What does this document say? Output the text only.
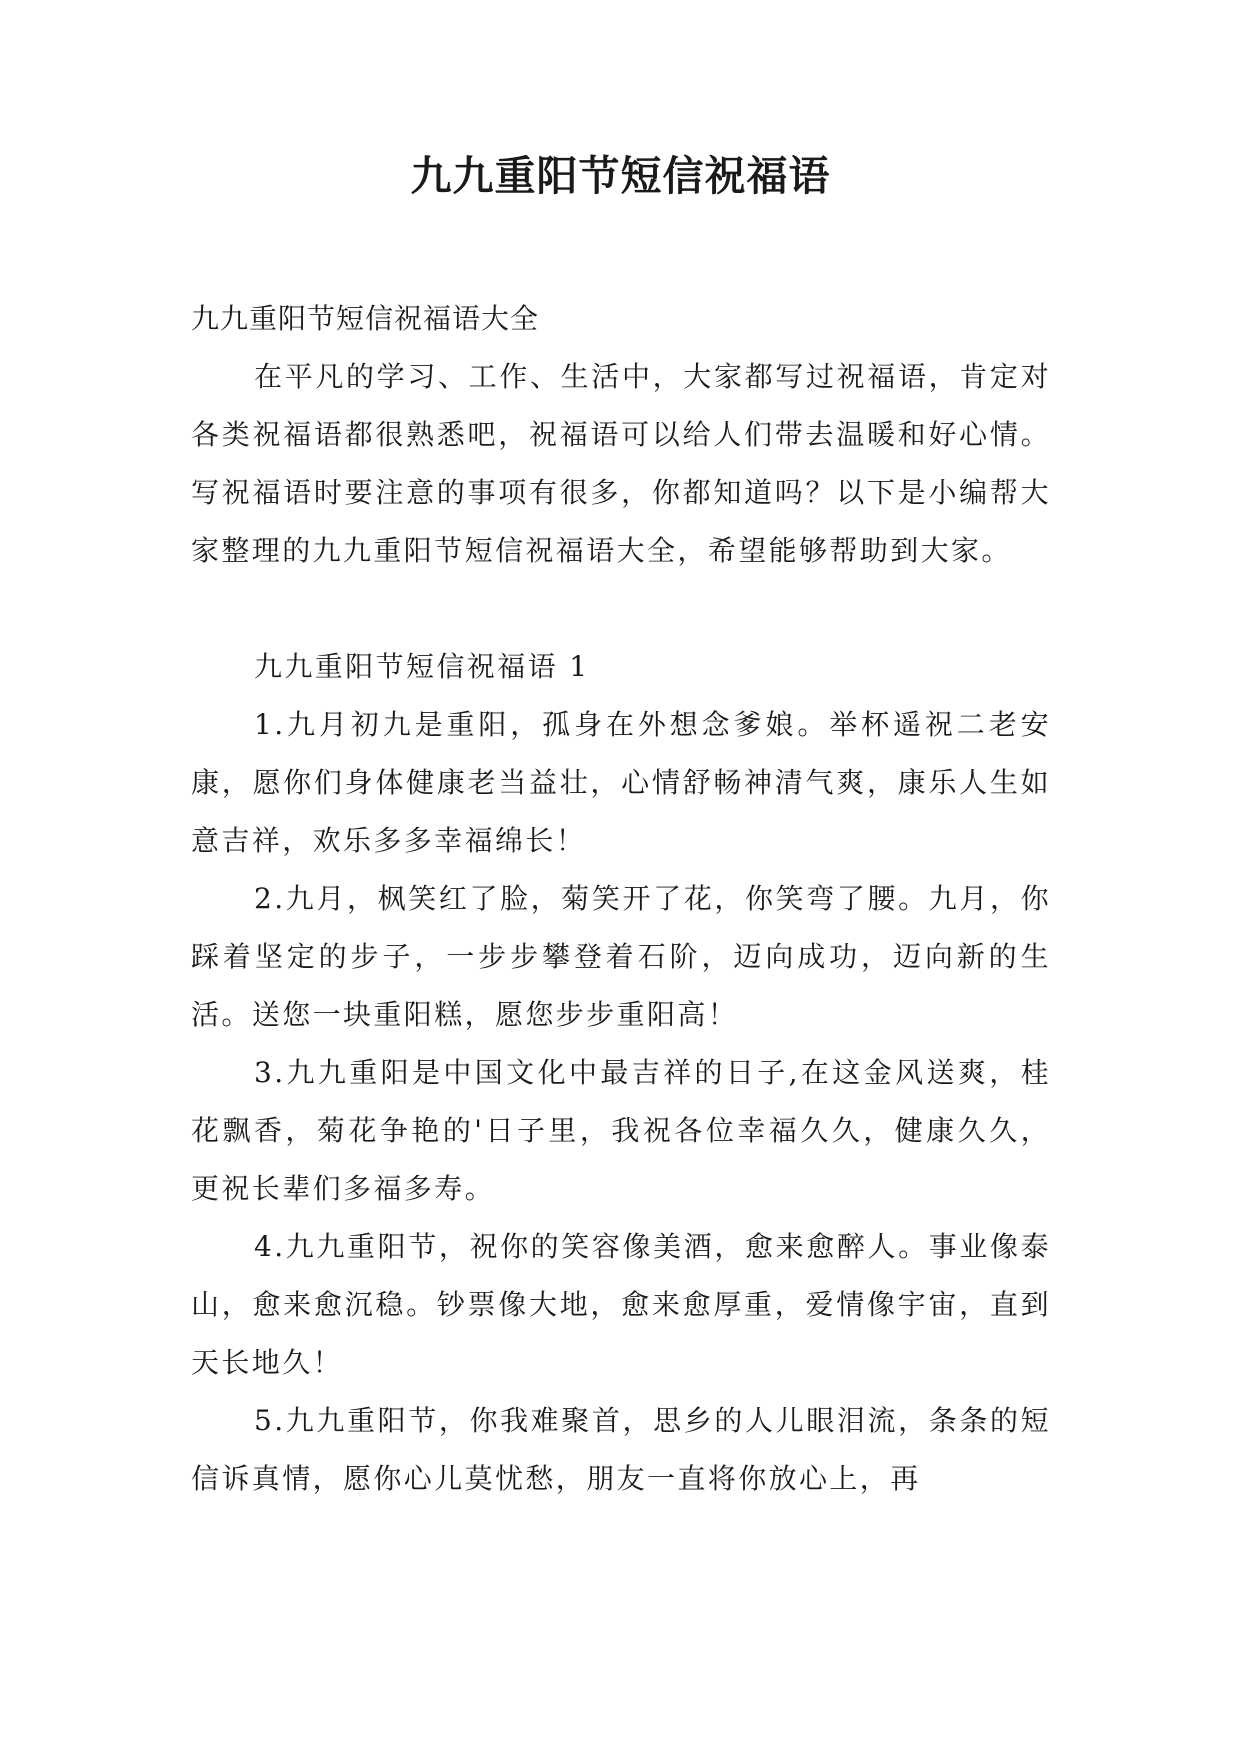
九九重阳节短信祝福语

九九重阳节短信祝福语大全

在平凡的学习、工作、生活中，大家都写过祝福语，肯定对各类祝福语都很熟悉吧，祝福语可以给人们带去温暖和好心情。写祝福语时要注意的事项有很多，你都知道吗？以下是小编帮大家整理的九九重阳节短信祝福语大全，希望能够帮助到大家。

九九重阳节短信祝福语 1

1.九月初九是重阳，孤身在外想念爹娘。举杯遥祝二老安康，愿你们身体健康老当益壮，心情舒畅神清气爽，康乐人生如意吉祥，欢乐多多幸福绵长！

2.九月，枫笑红了脸，菊笑开了花，你笑弯了腰。九月，你踩着坚定的步子，一步步攀登着石阶，迈向成功，迈向新的生活。送您一块重阳糕，愿您步步重阳高！

3.九九重阳是中国文化中最吉祥的日子,在这金风送爽，桂花飘香，菊花争艳的'日子里，我祝各位幸福久久，健康久久，更祝长辈们多福多寿。

4.九九重阳节，祝你的笑容像美酒，愈来愈醉人。事业像泰山，愈来愈沉稳。钞票像大地，愈来愈厚重，爱情像宇宙，直到天长地久！

5.九九重阳节，你我难聚首，思乡的人儿眼泪流，条条的短信诉真情，愿你心儿莫忧愁，朋友一直将你放心上，再
